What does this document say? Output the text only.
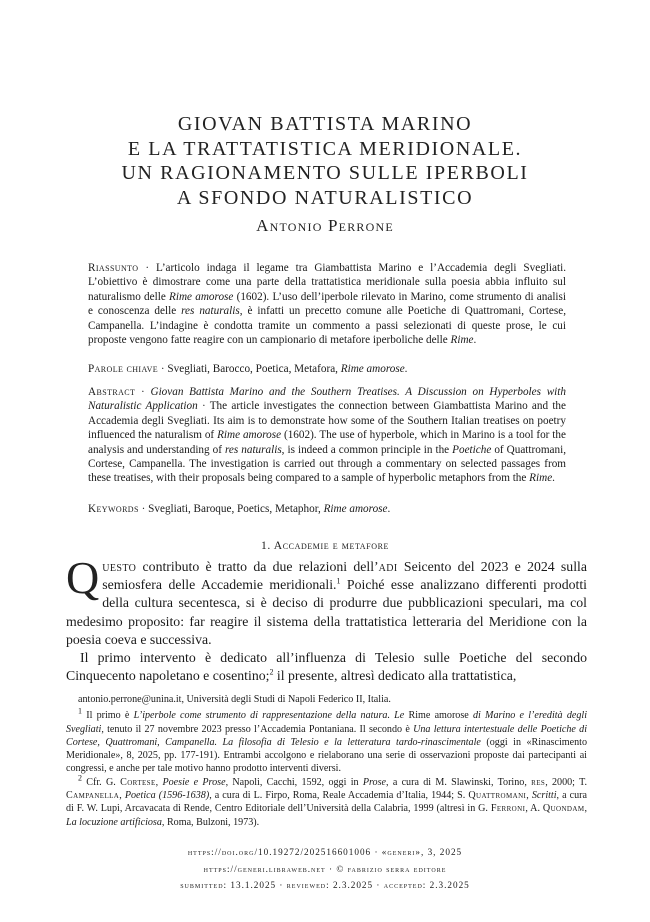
GIOVAN BATTISTA MARINO
E LA TRATTATISTICA MERIDIONALE.
UN RAGIONAMENTO SULLE IPERBOLI
A SFONDO NATURALISTICO
Antonio Perrone
Riassunto · L’articolo indaga il legame tra Giambattista Marino e l’Accademia degli Svegliati. L’obiettivo è dimostrare come una parte della trattatistica meridionale sulla poesia abbia influito sul naturalismo delle Rime amorose (1602). L’uso dell’iperbole rilevato in Marino, come strumento di analisi e conoscenza delle res naturalis, è infatti un precetto comune alle Poetiche di Quattromani, Cortese, Campanella. L’indagine è condotta tramite un commento a passi selezionati di queste prose, le cui proposte vengono fatte reagire con un campionario di metafore iperboliche delle Rime.
Parole chiave · Svegliati, Barocco, Poetica, Metafora, Rime amorose.
Abstract · Giovan Battista Marino and the Southern Treatises. A Discussion on Hyperboles with Naturalistic Application · The article investigates the connection between Giambattista Marino and the Accademia degli Svegliati. Its aim is to demonstrate how some of the Southern Italian treatises on poetry influenced the naturalism of Rime amorose (1602). The use of hyperbole, which in Marino is a tool for the analysis and understanding of res naturalis, is indeed a common principle in the Poetiche of Quattromani, Cortese, Campanella. The investigation is carried out through a commentary on selected passages from these treatises, with their proposals being compared to a sample of hyperbolic metaphors from the Rime.
Keywords · Svegliati, Baroque, Poetics, Metaphor, Rime amorose.
1. Accademie e metafore

Questo contributo è tratto da due relazioni dell’adi Seicento del 2023 e 2024 sulla semiosfera delle Accademie meridionali.$^1$ Poiché esse analizzano differenti prodotti della cultura secentesca, si è deciso di produrre due pubblicazioni speculari, ma col medesimo proposito: far reagire il sistema della trattatistica letteraria del Meridione con la poesia coeva e successiva.

Il primo intervento è dedicato all’influenza di Telesio sulle Poetiche del secondo Cinquecento napoletano e cosentino;$^2$ il presente, altresì dedicato alla trattatistica,

antonio.perrone@unina.it, Università degli Studi di Napoli Federico II, Italia.

$^1$ Il primo è L’iperbole come strumento di rappresentazione della natura. Le Rime amorose di Marino e l’eredità degli Svegliati, tenuto il 27 novembre 2023 presso l’Accademia Pontaniana. Il secondo è Una lettura intertestuale delle Poetiche di Cortese, Quattromani, Campanella. La filosofia di Telesio e la letteratura tardo-rinascimentale (oggi in «Rinascimento Meridionale», 8, 2025, pp. 177-191). Entrambi accolgono e rielaborano una serie di osservazioni proposte dai partecipanti ai congressi, e anche per tale motivo hanno prodotto interventi diversi.

$^2$ Cfr. G. Cortese, Poesie e Prose, Napoli, Cacchi, 1592, oggi in Prose, a cura di M. Slawinski, Torino, res, 2000; T. Campanella, Poetica (1596-1638), a cura di L. Firpo, Roma, Reale Accademia d’Italia, 1944; S. Quattromani, Scritti, a cura di F. W. Lupi, Arcavacata di Rende, Centro Editoriale dell’Università della Calabria, 1999 (altresì in G. Ferroni, A. Quondam, La locuzione artificiosa, Roma, Bulzoni, 1973).

https://doi.org/10.19272/202516601006 · «generi», 3, 2025
https://generi.libraweb.net · © fabrizio serra editore
submitted: 13.1.2025 · reviewed: 2.3.2025 · accepted: 2.3.2025
